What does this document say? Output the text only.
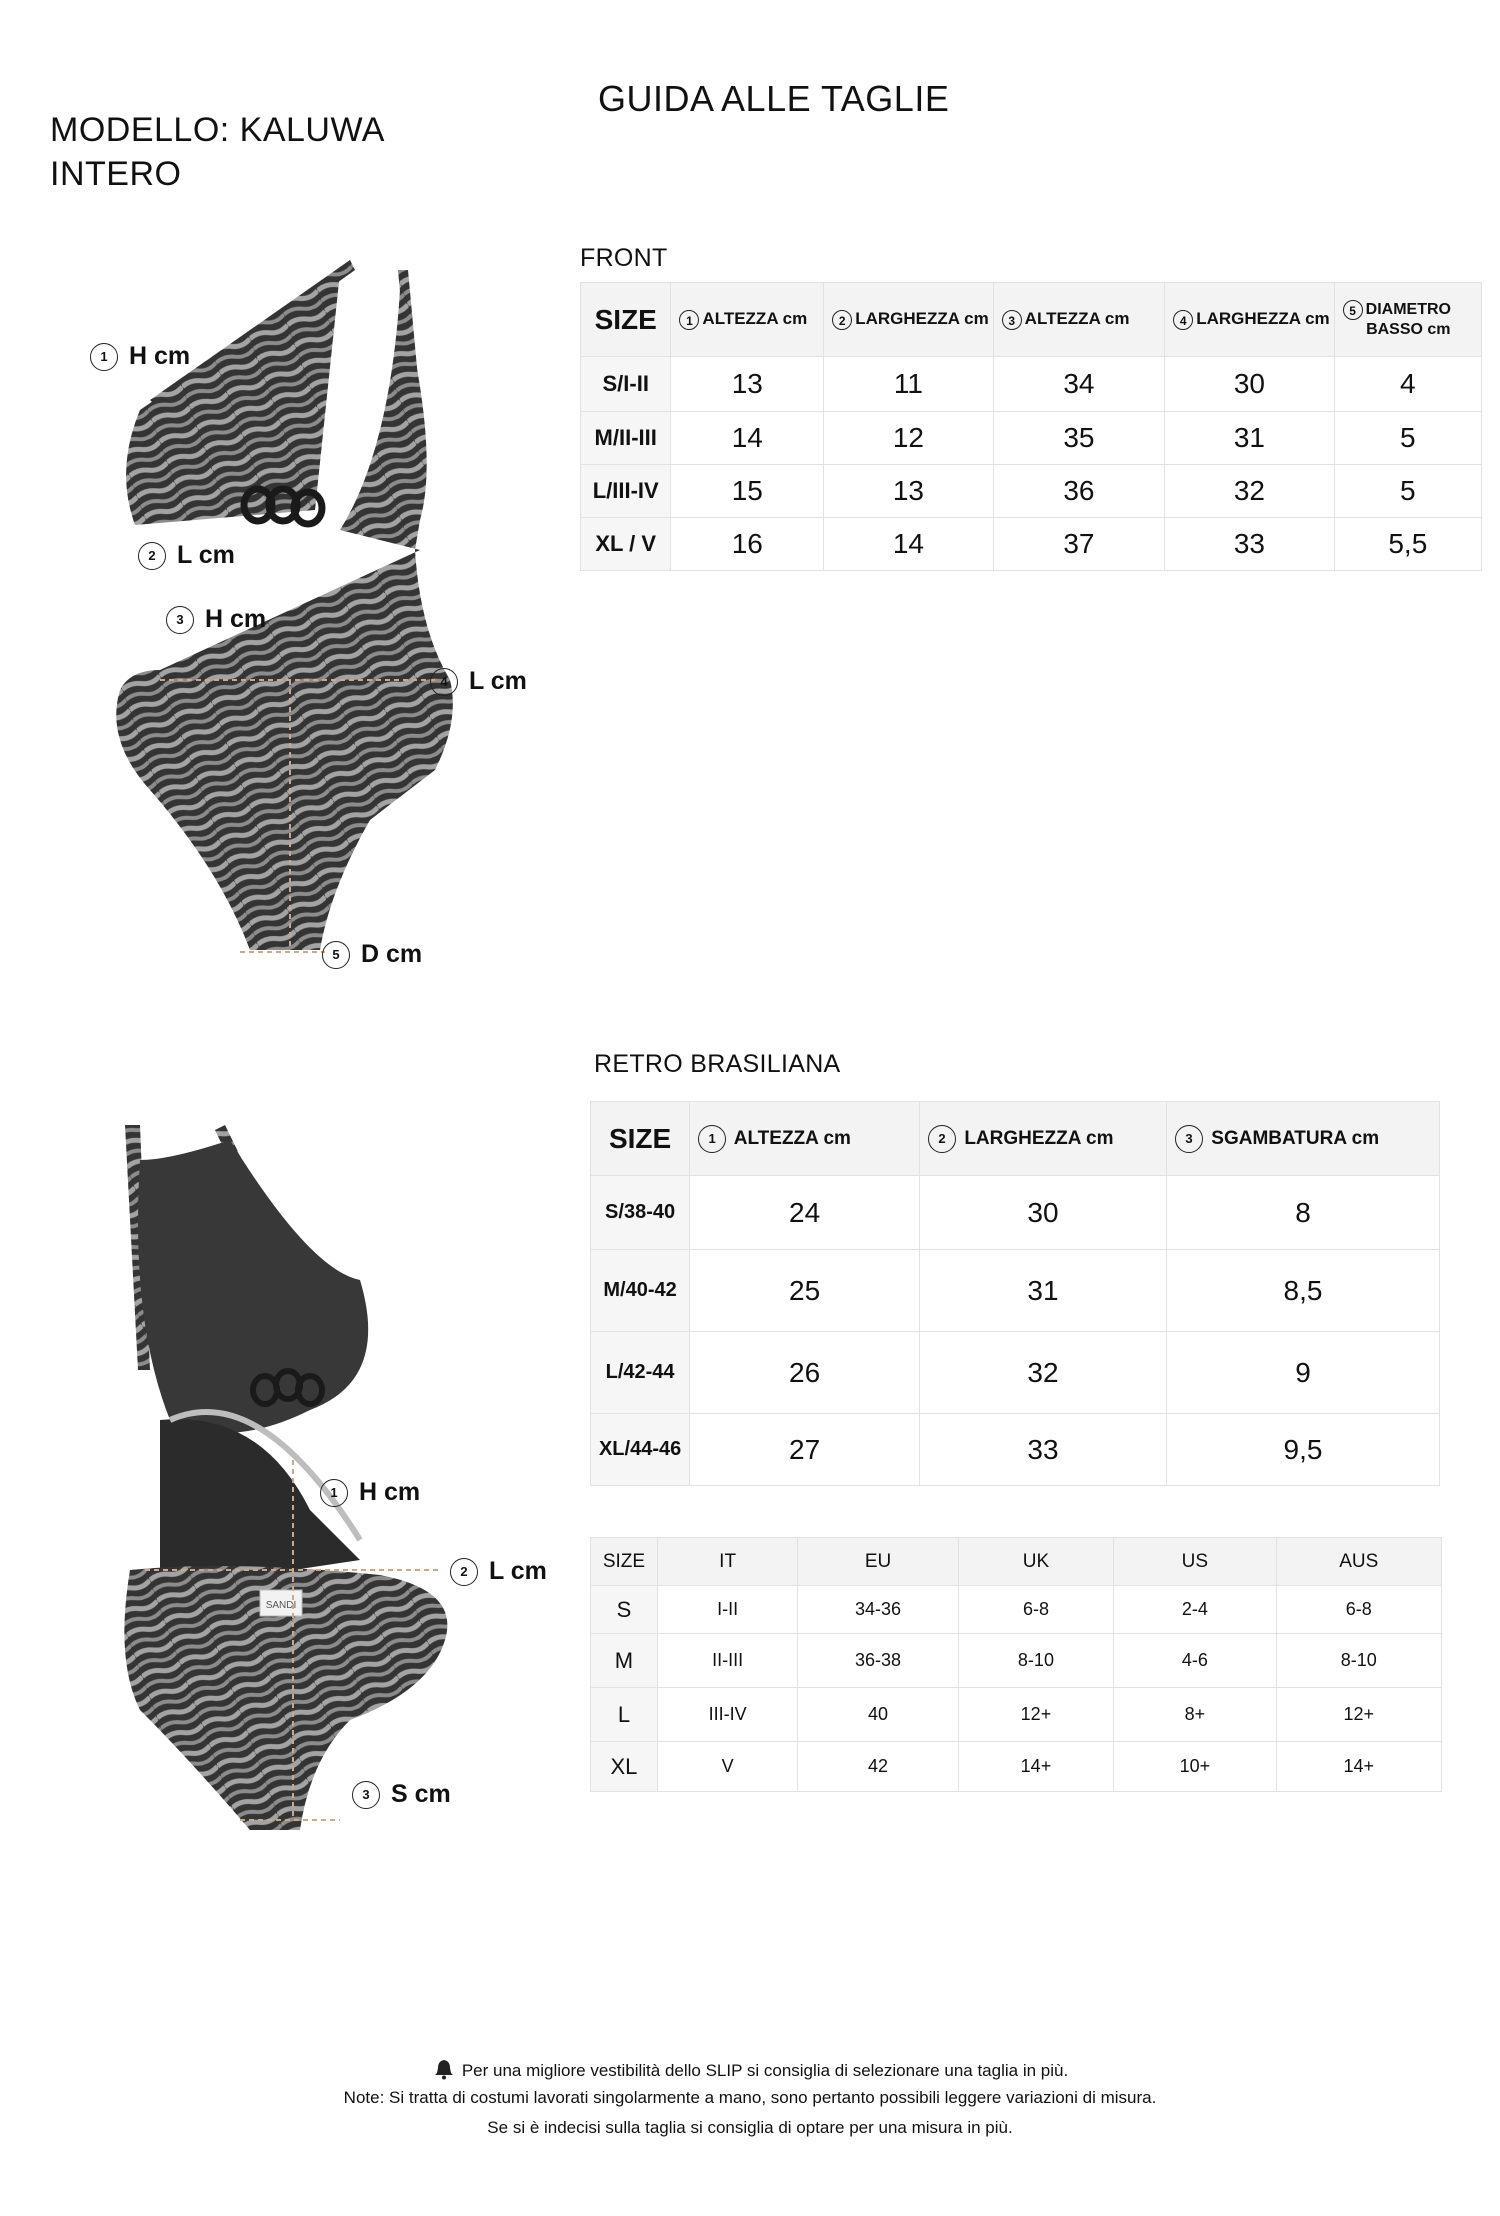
GUIDA ALLE TAGLIE
MODELLO: KALUWA
INTERO
1 H cm
2 L cm
3 H cm
4 L cm
5 D cm
FRONT
SIZE	1 ALTEZZA cm	2 LARGHEZZA cm	3 ALTEZZA cm	4 LARGHEZZA cm	5 DIAMETRO
BASSO cm
S/I-II	13	11	34	30	4
M/II-III	14	12	35	31	5
L/III-IV	15	13	36	32	5
XL / V	16	14	37	33	5,5
SANDI
1 H cm
2 L cm
3 S cm
RETRO BRASILIANA
SIZE	1 ALTEZZA cm	2 LARGHEZZA cm	3 SGAMBATURA cm
S/38-40	24	30	8
M/40-42	25	31	8,5
L/42-44	26	32	9
XL/44-46	27	33	9,5
SIZE	IT	EU	UK	US	AUS
S	I-II	34-36	6-8	2-4	6-8
M	II-III	36-38	8-10	4-6	8-10
L	III-IV	40	12+	8+	12+
XL	V	42	14+	10+	14+
Per una migliore vestibilità dello SLIP si consiglia di selezionare una taglia in più.
Note: Si tratta di costumi lavorati singolarmente a mano, sono pertanto possibili leggere variazioni di misura.
Se si è indecisi sulla taglia si consiglia di optare per una misura in più.
